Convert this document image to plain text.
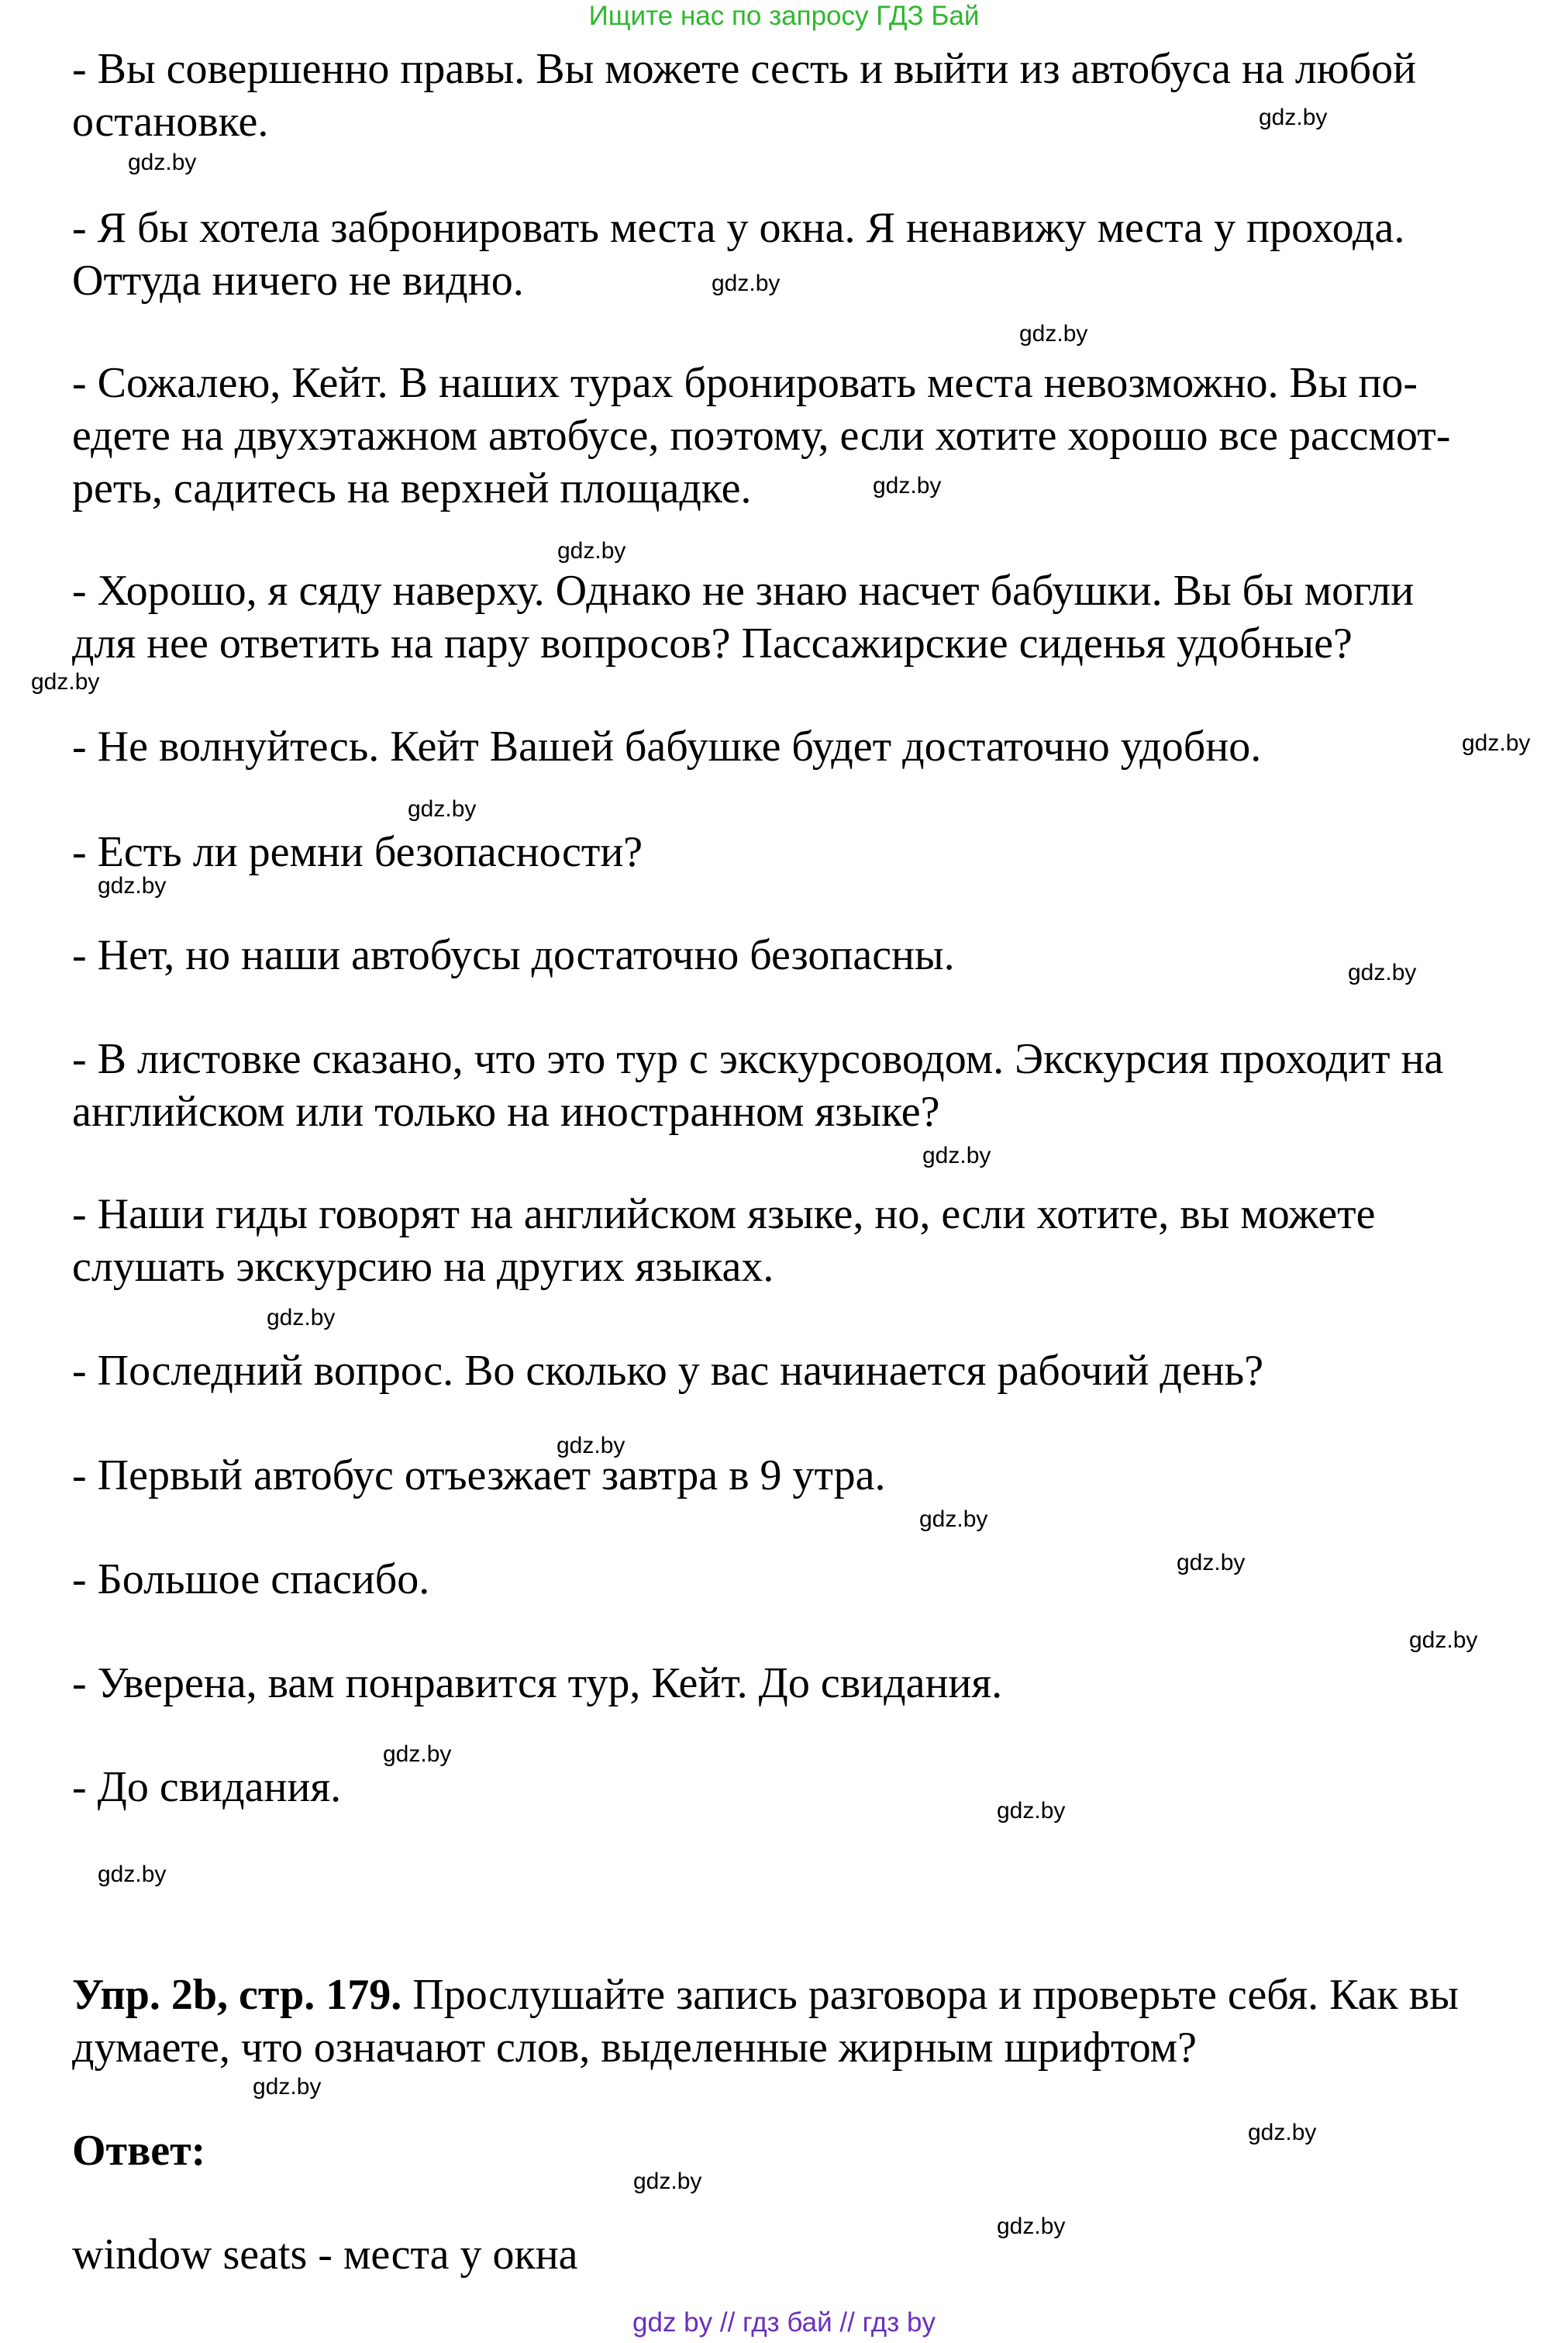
Ищите нас по запросу ГДЗ Бай
- Вы совершенно правы. Вы можете сесть и выйти из автобуса на любой
остановке.
- Я бы хотела забронировать места у окна. Я ненавижу места у прохода.
Оттуда ничего не видно.
- Сожалею, Кейт. В наших турах бронировать места невозможно. Вы по-
едете на двухэтажном автобусе, поэтому, если хотите хорошо все рассмот-
реть, садитесь на верхней площадке.
- Хорошо, я сяду наверху. Однако не знаю насчет бабушки. Вы бы могли
для нее ответить на пару вопросов? Пассажирские сиденья удобные?
- Не волнуйтесь. Кейт Вашей бабушке будет достаточно удобно.
- Есть ли ремни безопасности?
- Нет, но наши автобусы достаточно безопасны.
- В листовке сказано, что это тур с экскурсоводом. Экскурсия проходит на
английском или только на иностранном языке?
- Наши гиды говорят на английском языке, но, если хотите, вы можете
слушать экскурсию на других языках.
- Последний вопрос. Во сколько у вас начинается рабочий день?
- Первый автобус отъезжает завтра в 9 утра.
- Большое спасибо.
- Уверена, вам понравится тур, Кейт. До свидания.
- До свидания.
Упр. 2b, стр. 179. Прослушайте запись разговора и проверьте себя. Как вы
думаете, что означают слов, выделенные жирным шрифтом?
Ответ:
window seats - места у окна
gdz.by
gdz.by
gdz.by
gdz.by
gdz.by
gdz.by
gdz.by
gdz.by
gdz.by
gdz.by
gdz.by
gdz.by
gdz.by
gdz.by
gdz.by
gdz.by
gdz.by
gdz.by
gdz.by
gdz.by
gdz.by
gdz.by
gdz.by
gdz.by
gdz by // гдз бай // гдз by
